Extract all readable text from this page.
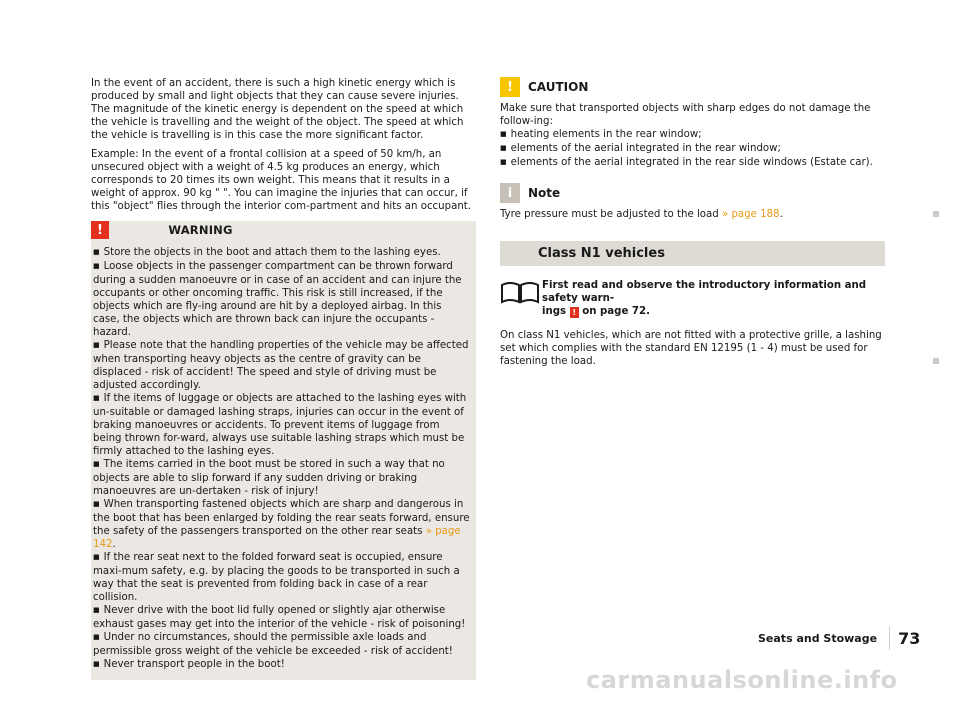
In the event of an accident, there is such a high kinetic energy which is produced by small and light objects that they can cause severe injuries. The magnitude of the kinetic energy is dependent on the speed at which the vehicle is travelling and the weight of the object. The speed at which the vehicle is travelling is in this case the more significant factor.

Example: In the event of a frontal collision at a speed of 50 km/h, an unsecured object with a weight of 4.5 kg produces an energy, which corresponds to 20 times its own weight. This means that it results in a weight of approx. 90 kg " ". You can imagine the injuries that can occur, if this "object" flies through the interior com-partment and hits an occupant.

!	WARNING

■ Store the objects in the boot and attach them to the lashing eyes.

■ Loose objects in the passenger compartment can be thrown forward during a sudden manoeuvre or in case of an accident and can injure the occupants or other oncoming traffic. This risk is still increased, if the objects which are fly-ing around are hit by a deployed airbag. In this case, the objects which are thrown back can injure the occupants - hazard.

■ Please note that the handling properties of the vehicle may be affected when transporting heavy objects as the centre of gravity can be displaced - risk of accident! The speed and style of driving must be adjusted accordingly.

■ If the items of luggage or objects are attached to the lashing eyes with un-suitable or damaged lashing straps, injuries can occur in the event of braking manoeuvres or accidents. To prevent items of luggage from being thrown for-ward, always use suitable lashing straps which must be firmly attached to the lashing eyes.

■ The items carried in the boot must be stored in such a way that no objects are able to slip forward if any sudden driving or braking manoeuvres are un-dertaken - risk of injury!

■ When transporting fastened objects which are sharp and dangerous in the boot that has been enlarged by folding the rear seats forward, ensure the safety of the passengers transported on the other rear seats » page 142.

■ If the rear seat next to the folded forward seat is occupied, ensure maxi-mum safety, e.g. by placing the goods to be transported in such a way that the seat is prevented from folding back in case of a rear collision.

■ Never drive with the boot lid fully opened or slightly ajar otherwise exhaust gases may get into the interior of the vehicle - risk of poisoning!

■ Under no circumstances, should the permissible axle loads and permissible gross weight of the vehicle be exceeded - risk of accident!

■ Never transport people in the boot!

!	CAUTION

Make sure that transported objects with sharp edges do not damage the follow-ing:

■ heating elements in the rear window;

■ elements of the aerial integrated in the rear window;

■ elements of the aerial integrated in the rear side windows (Estate car).

i	Note

Tyre pressure must be adjusted to the load » page 188.

Class N1 vehicles
First read and observe the introductory information and safety warn-
ings ! on page 72.

On class N1 vehicles, which are not fitted with a protective grille, a lashing set which complies with the standard EN 12195 (1 - 4) must be used for fastening the load.

Seats and Stowage 73
carmanualsonline.info
